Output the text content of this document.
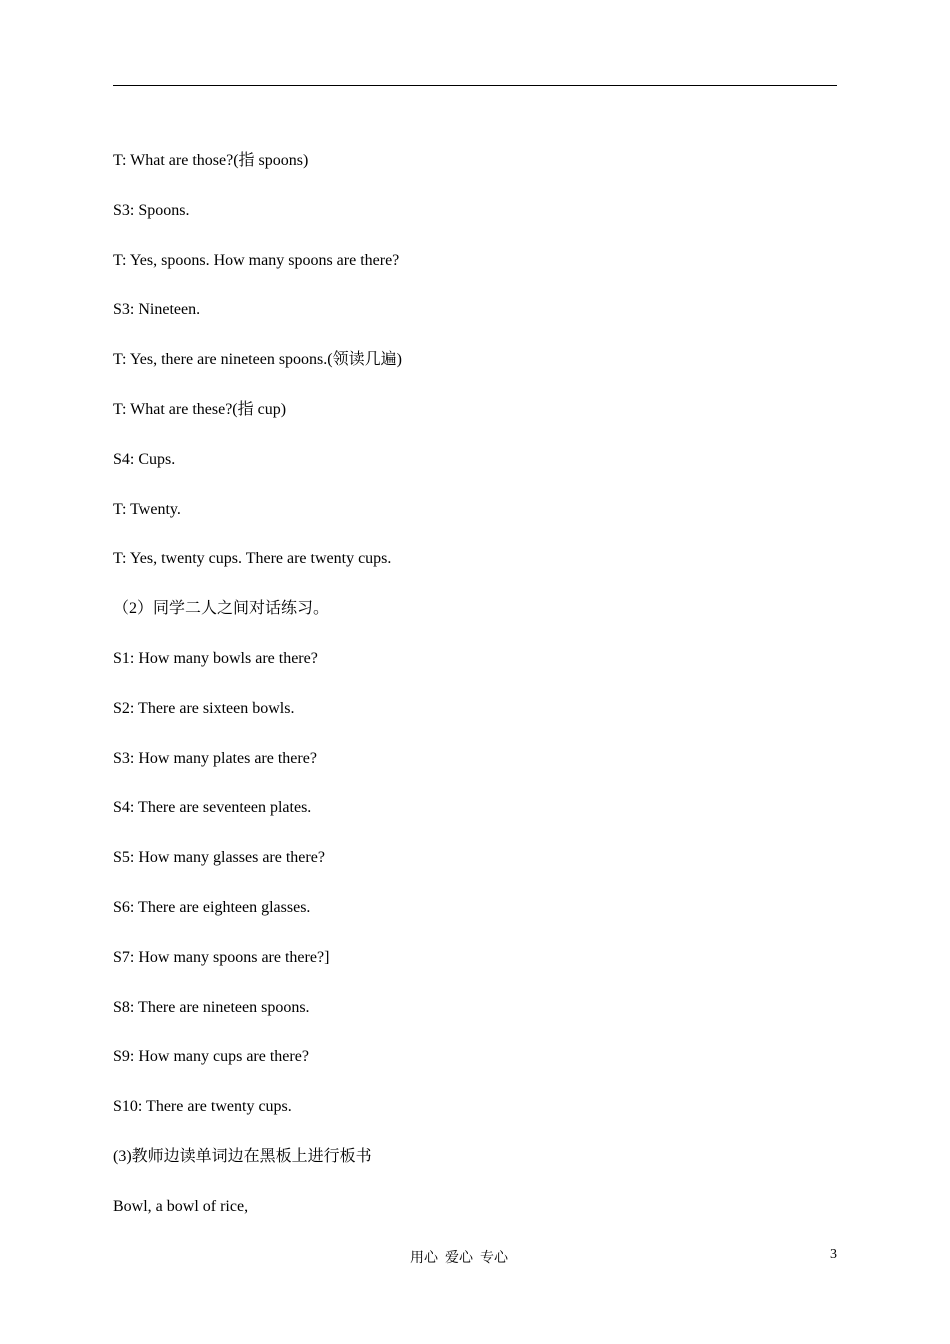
T: What are those?(指 spoons)
S3: Spoons.
T: Yes, spoons. How many spoons are there?
S3: Nineteen.
T: Yes, there are nineteen spoons.(领读几遍)
T: What are these?(指 cup)
S4: Cups.
T: Twenty.
T: Yes, twenty cups. There are twenty cups.
（2）同学二人之间对话练习。
S1: How many bowls are there?
S2: There are sixteen bowls.
S3: How many plates are there?
S4: There are seventeen plates.
S5: How many glasses are there?
S6: There are eighteen glasses.
S7: How many spoons are there?]
S8: There are nineteen spoons.
S9: How many cups are there?
S10: There are twenty cups.
(3)教师边读单词边在黑板上进行板书
Bowl, a bowl of rice,
用心  爱心  专心	3
